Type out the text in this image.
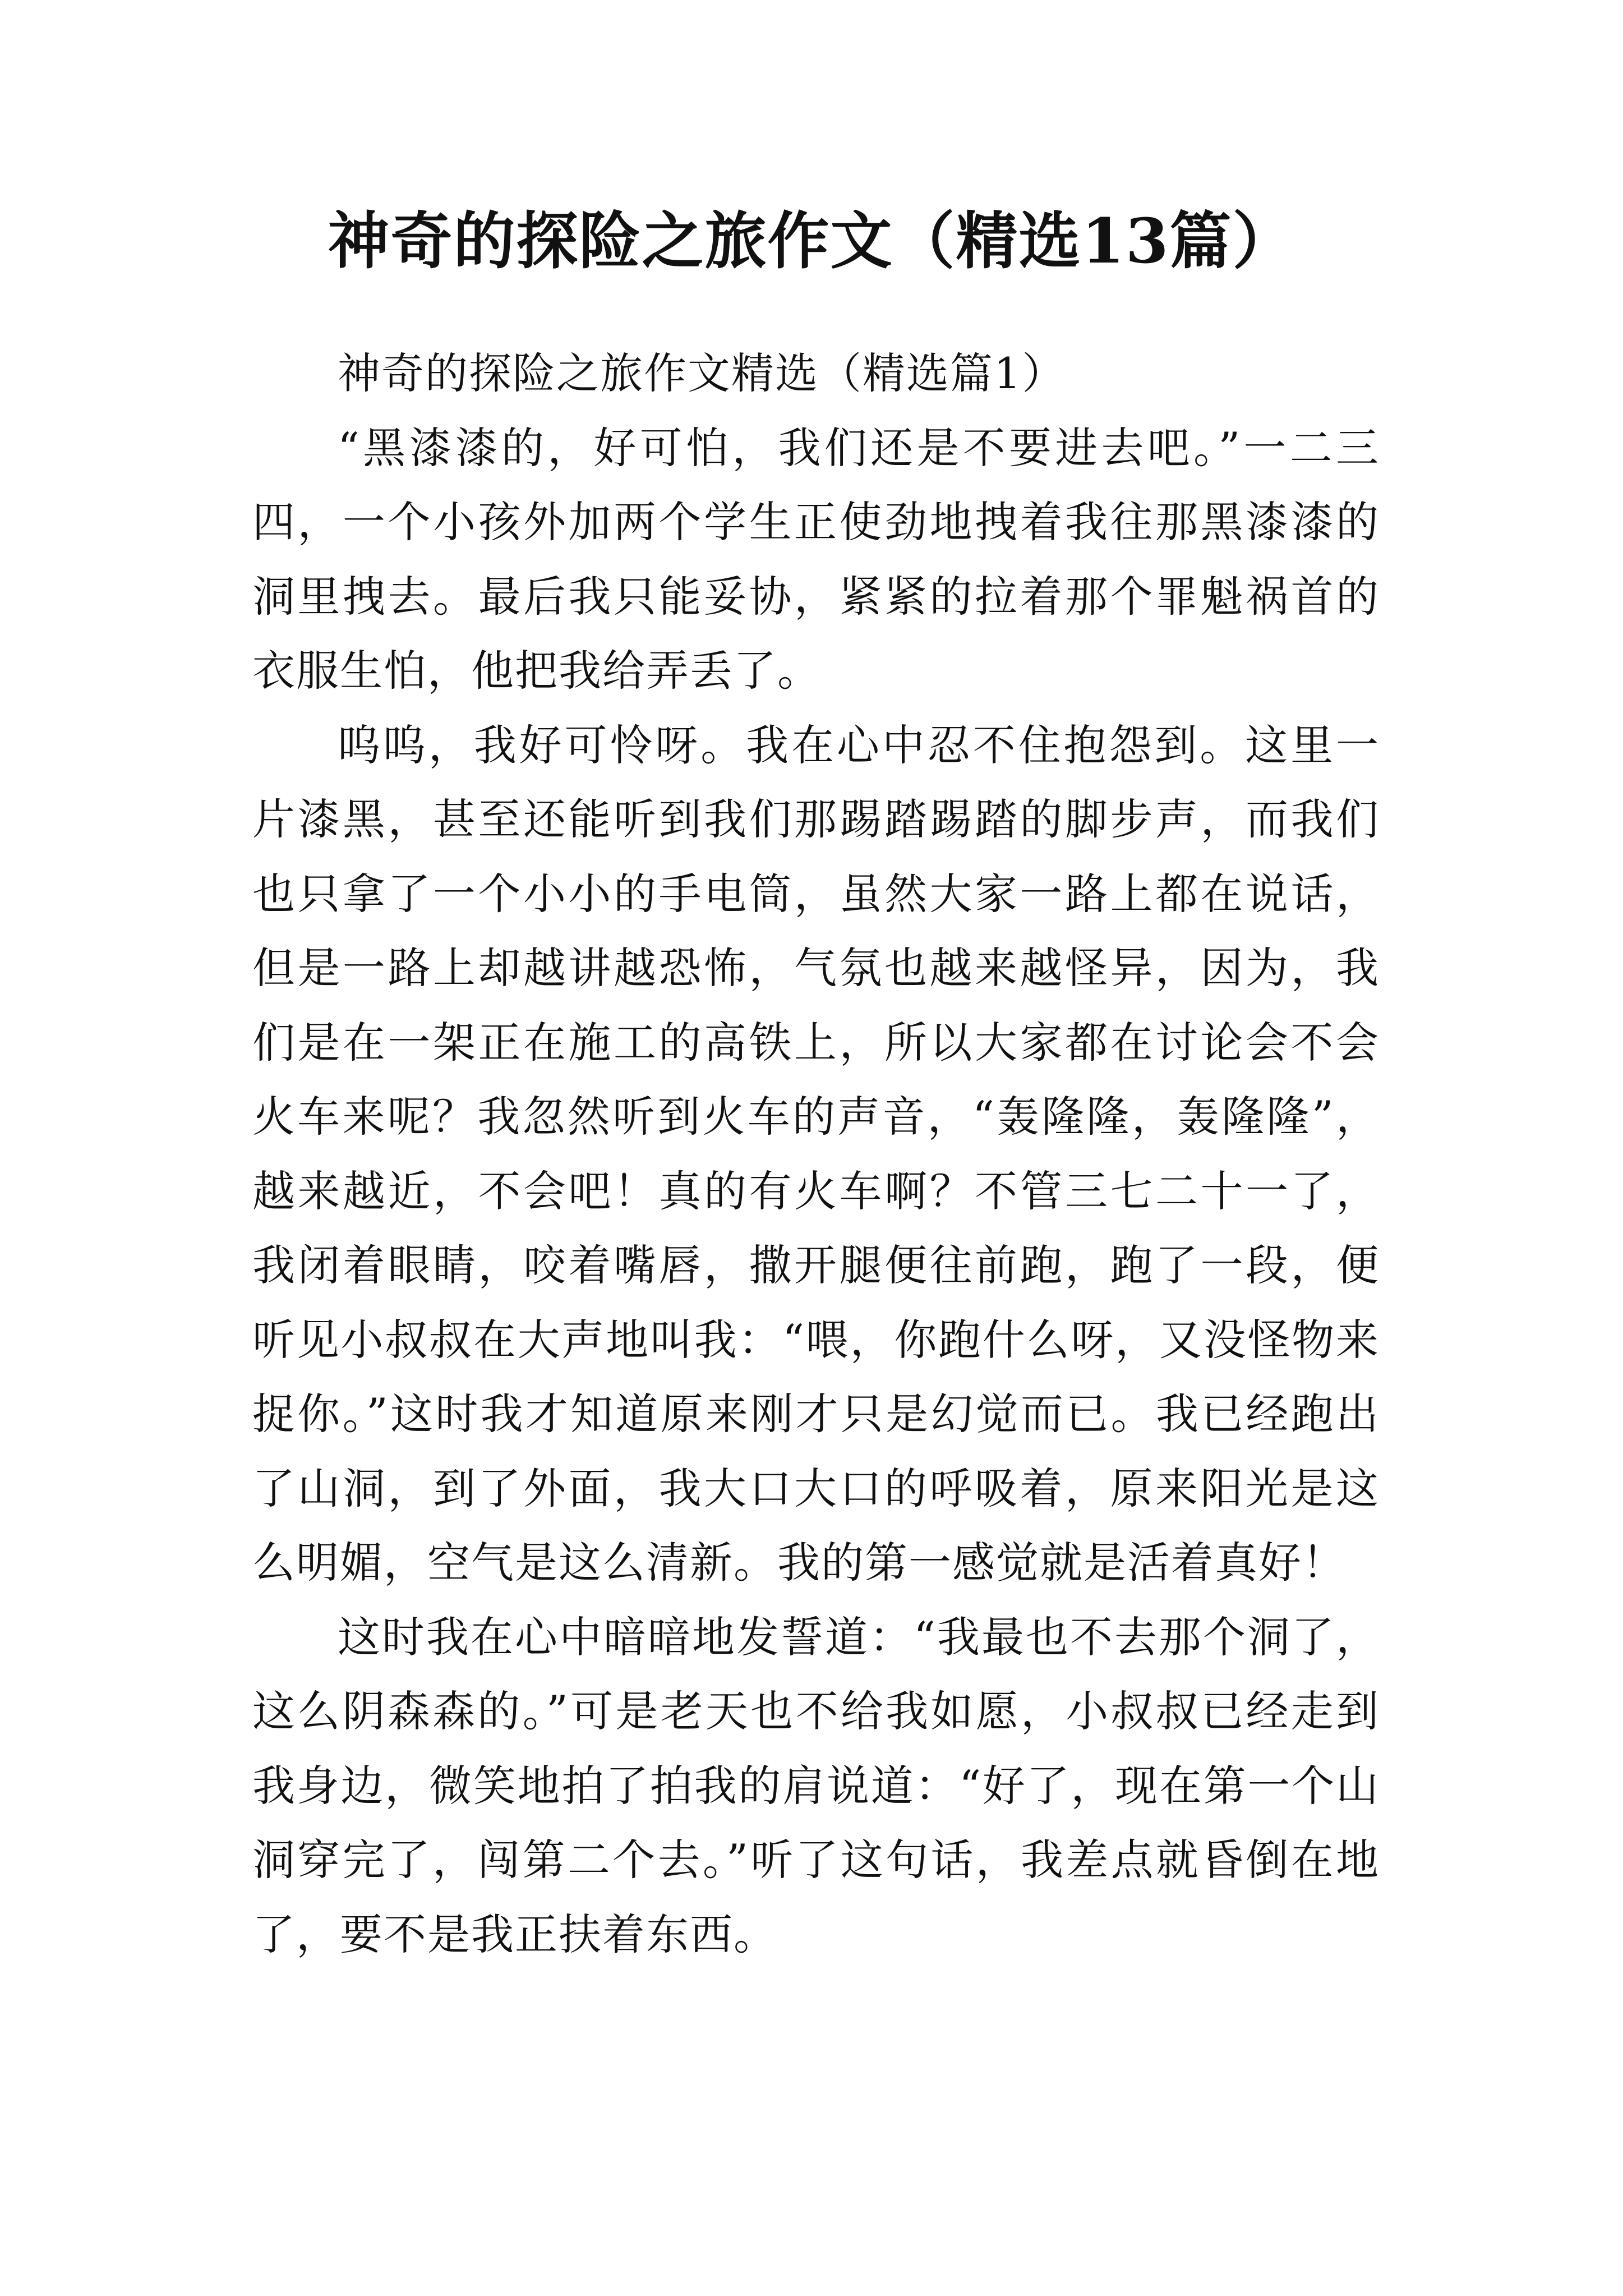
神奇的探险之旅作文（精选13篇）

神奇的探险之旅作文精选（精选篇1）

“黑漆漆的，好可怕，我们还是不要进去吧。”一二三四，一个小孩外加两个学生正使劲地拽着我往那黑漆漆的洞里拽去。最后我只能妥协，紧紧的拉着那个罪魁祸首的衣服生怕，他把我给弄丢了。

呜呜，我好可怜呀。我在心中忍不住抱怨到。这里一片漆黑，甚至还能听到我们那踢踏踢踏的脚步声，而我们也只拿了一个小小的手电筒，虽然大家一路上都在说话，但是一路上却越讲越恐怖，气氛也越来越怪异，因为，我们是在一架正在施工的高铁上，所以大家都在讨论会不会火车来呢？我忽然听到火车的声音，“轰隆隆，轰隆隆”，越来越近，不会吧！真的有火车啊？不管三七二十一了，我闭着眼睛，咬着嘴唇，撒开腿便往前跑，跑了一段，便听见小叔叔在大声地叫我：“喂，你跑什么呀，又没怪物来捉你。”这时我才知道原来刚才只是幻觉而已。我已经跑出了山洞，到了外面，我大口大口的呼吸着，原来阳光是这么明媚，空气是这么清新。我的第一感觉就是活着真好！

这时我在心中暗暗地发誓道：“我最也不去那个洞了，这么阴森森的。”可是老天也不给我如愿，小叔叔已经走到我身边，微笑地拍了拍我的肩说道：“好了，现在第一个山洞穿完了，闯第二个去。”听了这句话，我差点就昏倒在地了，要不是我正扶着东西。
